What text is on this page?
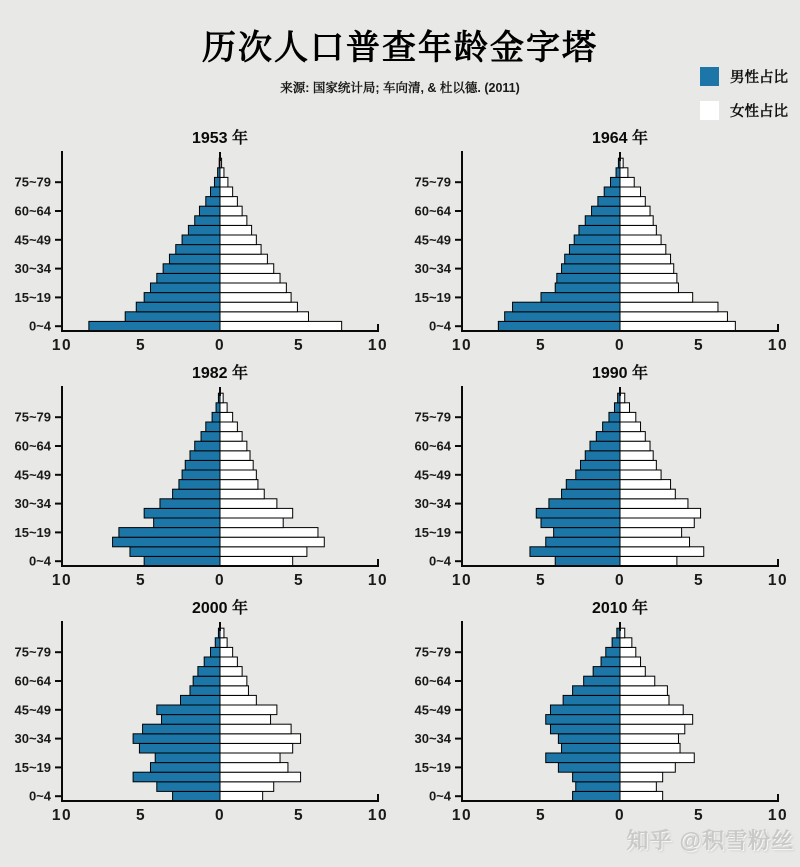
历次人口普查年龄金字塔
来源: 国家统计局; 车向清, & 杜以德. (2011)
男性占比
女性占比
1953 年
10	5	0	5	10
0~4
15~19
30~34
45~49
60~64
75~79
1964 年
10	5	0	5	10
0~4
15~19
30~34
45~49
60~64
75~79
1982 年
10	5	0	5	10
0~4
15~19
30~34
45~49
60~64
75~79
1990 年
10	5	0	5	10
0~4
15~19
30~34
45~49
60~64
75~79
2000 年
10	5	0	5	10
0~4
15~19
30~34
45~49
60~64
75~79
2010 年
10	5	0	5	10
0~4
15~19
30~34
45~49
60~64
75~79
知乎 @积雪粉丝
